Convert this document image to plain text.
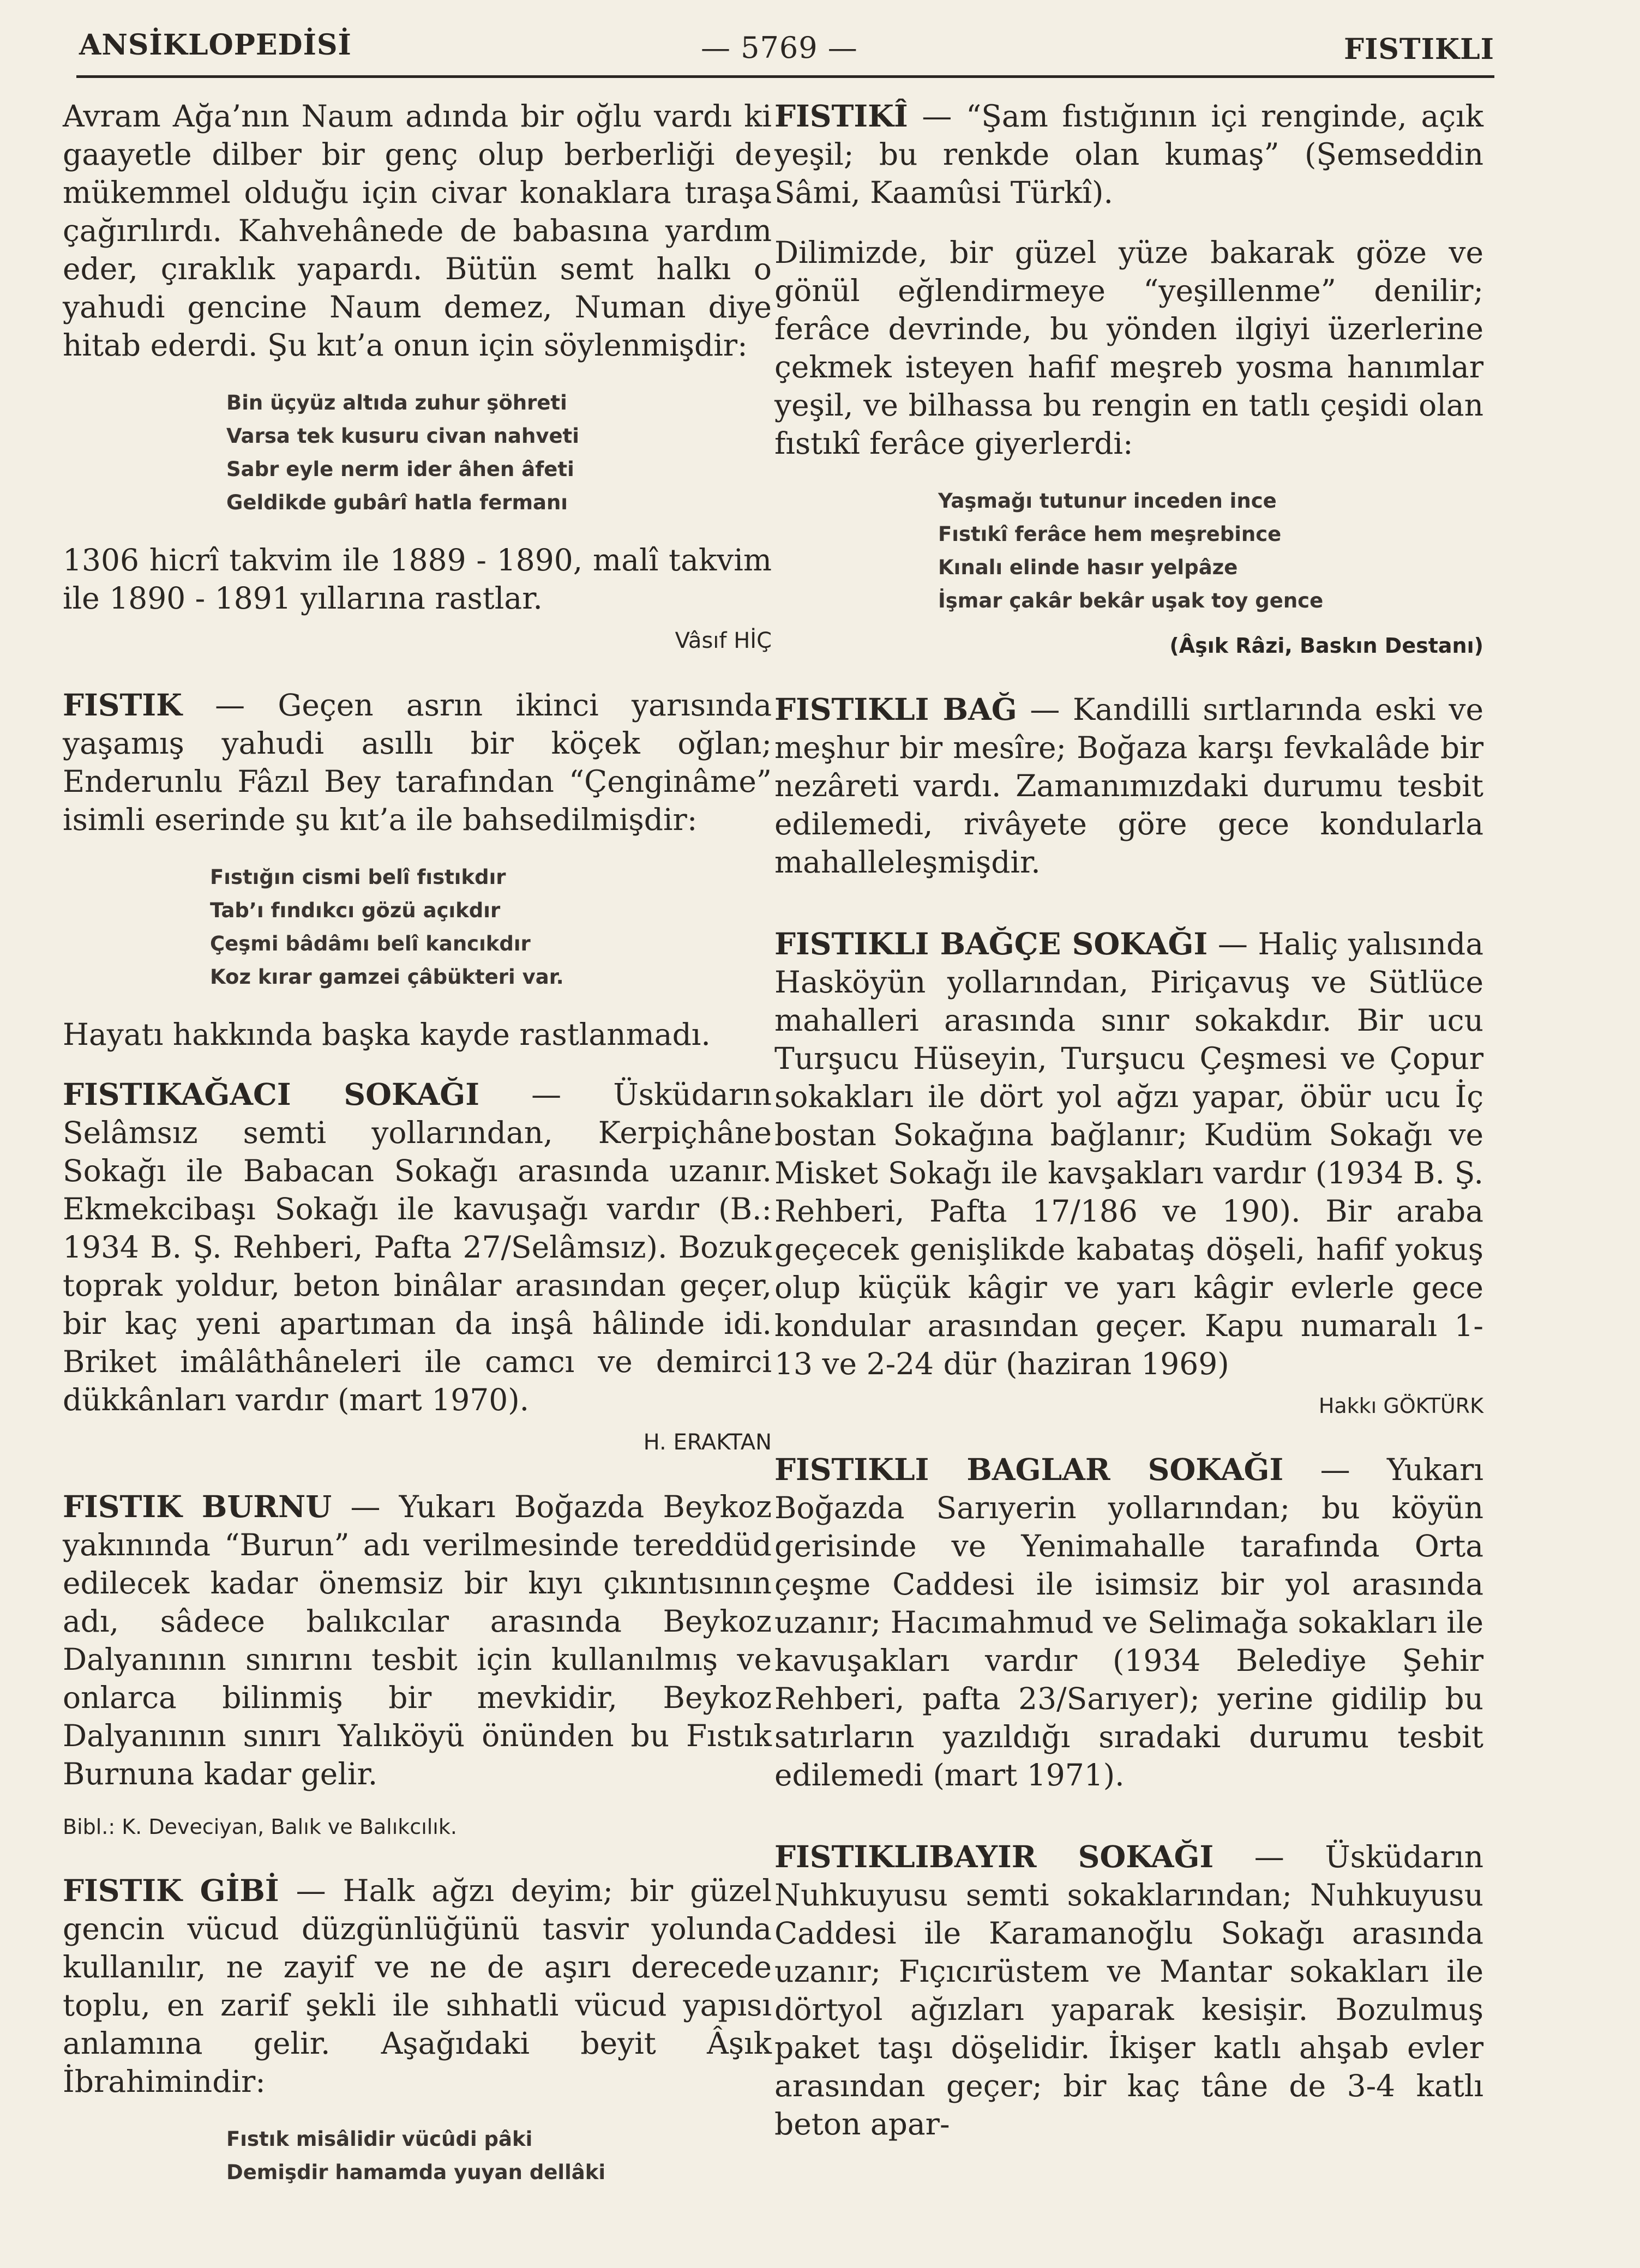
ANSİKLOPEDİSİ	— 5769 —	FISTIKLI

Avram Ağa’nın Naum adında bir oğlu vardı ki gaayetle dilber bir genç olup berberliği de mükemmel olduğu için civar konaklara tıraşa çağırılırdı. Kahvehânede de babasına yardım eder, çıraklık yapardı. Bütün semt halkı o yahudi gencine Naum demez, Numan diye hitab ederdi. Şu kıt’a onun için söylenmişdir:

Bin üçyüz altıda zuhur şöhreti
Varsa tek kusuru civan nahveti
Sabr eyle nerm ider âhen âfeti
Geldikde gubârî hatla fermanı

1306 hicrî takvim ile 1889 - 1890, malî takvim ile 1890 - 1891 yıllarına rastlar.

Vâsıf HİÇ

FISTIK — Geçen asrın ikinci yarısında yaşamış yahudi asıllı bir köçek oğlan; Enderunlu Fâzıl Bey tarafından “Çenginâme” isimli eserinde şu kıt’a ile bahsedilmişdir:

Fıstığın cismi belî fıstıkdır
Tab’ı fındıkcı gözü açıkdır
Çeşmi bâdâmı belî kancıkdır
Koz kırar gamzei çâbükteri var.

Hayatı hakkında başka kayde rastlanmadı.

FISTIKAĞACI SOKAĞI — Üsküdarın Selâmsız semti yollarından, Kerpiçhâne Sokağı ile Babacan Sokağı arasında uzanır. Ekmekcibaşı Sokağı ile kavuşağı vardır (B.: 1934 B. Ş. Rehberi, Pafta 27/Selâmsız). Bozuk toprak yoldur, beton binâlar arasından geçer, bir kaç yeni apartıman da inşâ hâlinde idi. Briket imâlâthâneleri ile camcı ve demirci dükkânları vardır (mart 1970).

H. ERAKTAN

FISTIK BURNU — Yukarı Boğazda Beykoz yakınında “Burun” adı verilmesinde tereddüd edilecek kadar önemsiz bir kıyı çıkıntısının adı, sâdece balıkcılar arasında Beykoz Dalyanının sınırını tesbit için kullanılmış ve onlarca bilinmiş bir mevkidir, Beykoz Dalyanının sınırı Yalıköyü önünden bu Fıstık Burnuna kadar gelir.

Bibl.: K. Deveciyan, Balık ve Balıkcılık.

FISTIK GİBİ — Halk ağzı deyim; bir güzel gencin vücud düzgünlüğünü tasvir yolunda kullanılır, ne zayif ve ne de aşırı derecede toplu, en zarif şekli ile sıhhatli vücud yapısı anlamına gelir. Aşağıdaki beyit Âşık İbrahimindir:

Fıstık misâlidir vücûdi pâki
Demişdir hamamda yuyan dellâki

FISTIKÎ — “Şam fıstığının içi renginde, açık yeşil; bu renkde olan kumaş” (Şemseddin Sâmi, Kaamûsi Türkî).

Dilimizde, bir güzel yüze bakarak göze ve gönül eğlendirmeye “yeşillenme” denilir; ferâce devrinde, bu yönden ilgiyi üzerlerine çekmek isteyen hafif meşreb yosma hanımlar yeşil, ve bilhassa bu rengin en tatlı çeşidi olan fıstıkî ferâce giyerlerdi:

Yaşmağı tutunur inceden ince
Fıstıkî ferâce hem meşrebince
Kınalı elinde hasır yelpâze
İşmar çakâr bekâr uşak toy gence
(Âşık Râzi, Baskın Destanı)

FISTIKLI BAĞ — Kandilli sırtlarında eski ve meşhur bir mesîre; Boğaza karşı fevkalâde bir nezâreti vardı. Zamanımızdaki durumu tesbit edilemedi, rivâyete göre gece kondularla mahalleleşmişdir.

FISTIKLI BAĞÇE SOKAĞI — Haliç yalısında Hasköyün yollarından, Piriçavuş ve Sütlüce mahalleri arasında sınır sokakdır. Bir ucu Turşucu Hüseyin, Turşucu Çeşmesi ve Çopur sokakları ile dört yol ağzı yapar, öbür ucu İç bostan Sokağına bağlanır; Kudüm Sokağı ve Misket Sokağı ile kavşakları vardır (1934 B. Ş. Rehberi, Pafta 17/186 ve 190). Bir araba geçecek genişlikde kabataş döşeli, hafif yokuş olup küçük kâgir ve yarı kâgir evlerle gece kondular arasından geçer. Kapu numaralı 1-13 ve 2-24 dür (haziran 1969)

Hakkı GÖKTÜRK

FISTIKLI BAGLAR SOKAĞI — Yukarı Boğazda Sarıyerin yollarından; bu köyün gerisinde ve Yenimahalle tarafında Orta çeşme Caddesi ile isimsiz bir yol arasında uzanır; Hacımahmud ve Selimağa sokakları ile kavuşakları vardır (1934 Belediye Şehir Rehberi, pafta 23/Sarıyer); yerine gidilip bu satırların yazıldığı sıradaki durumu tesbit edilemedi (mart 1971).

FISTIKLIBAYIR SOKAĞI — Üsküdarın Nuhkuyusu semti sokaklarından; Nuhkuyusu Caddesi ile Karamanoğlu Sokağı arasında uzanır; Fıçıcırüstem ve Mantar sokakları ile dörtyol ağızları yaparak kesişir. Bozulmuş paket taşı döşelidir. İkişer katlı ahşab evler arasından geçer; bir kaç tâne de 3-4 katlı beton apar-
